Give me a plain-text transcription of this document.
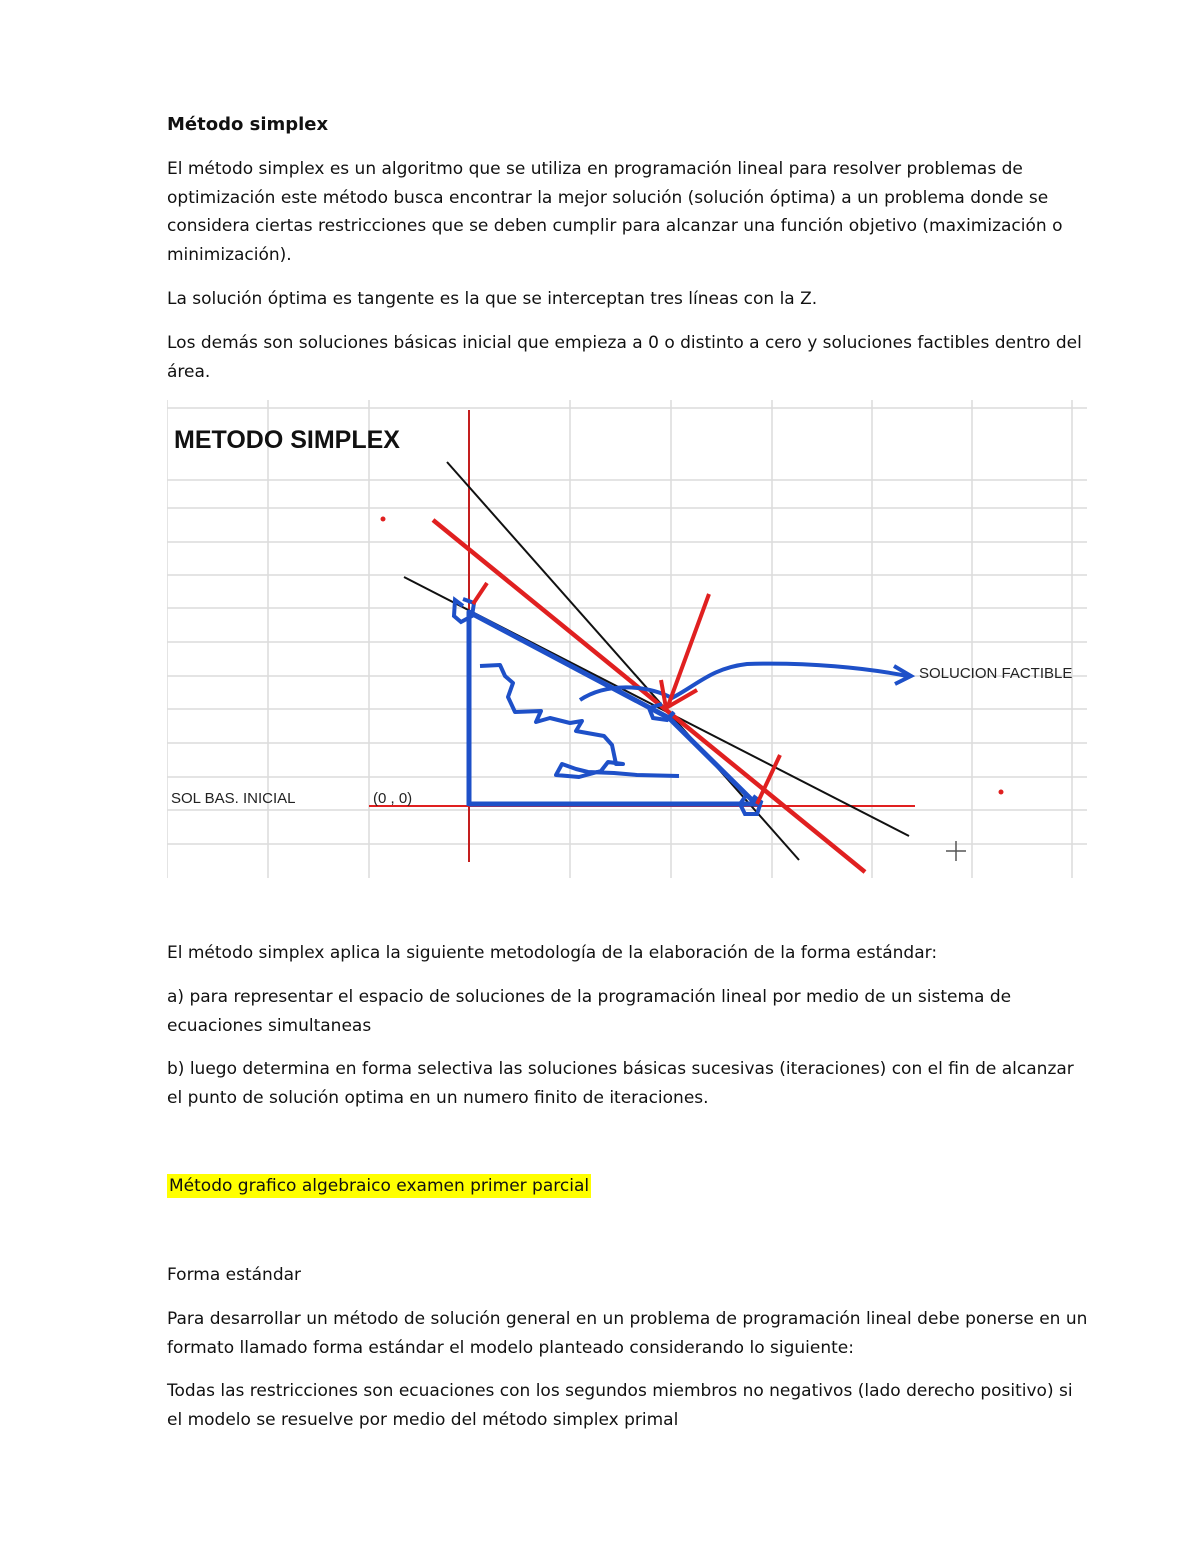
Método simplex

El método simplex es un algoritmo que se utiliza en programación lineal para resolver problemas de optimización este método busca encontrar la mejor solución (solución óptima) a un problema donde se considera ciertas restricciones que se deben cumplir para alcanzar una función objetivo (maximización o minimización).

La solución óptima es tangente es la que se interceptan tres líneas con la Z.

Los demás son soluciones básicas inicial que empieza a 0 o distinto a cero y soluciones factibles dentro del área.

METODO SIMPLEX
SOLUCION FACTIBLE
SOL BAS. INICIAL	(0 , 0)

El método simplex aplica la siguiente metodología de la elaboración de la forma estándar:

a) para representar el espacio de soluciones de la programación lineal por medio de un sistema de ecuaciones simultaneas

b) luego determina en forma selectiva las soluciones básicas sucesivas (iteraciones) con el fin de alcanzar el punto de solución optima en un numero finito de iteraciones.

Método grafico algebraico examen primer parcial

Forma estándar

Para desarrollar un método de solución general en un problema de programación lineal debe ponerse en un formato llamado forma estándar el modelo planteado considerando lo siguiente:

Todas las restricciones son ecuaciones con los segundos miembros no negativos (lado derecho positivo) si el modelo se resuelve por medio del método simplex primal
